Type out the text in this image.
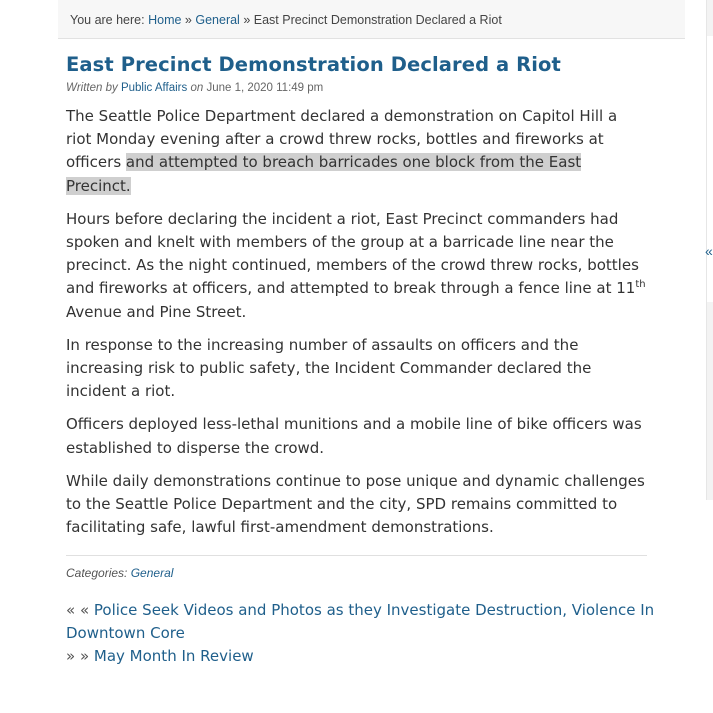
You are here: Home » General » East Precinct Demonstration Declared a Riot
«
East Precinct Demonstration Declared a Riot
Written by Public Affairs on June 1, 2020 11:49 pm

The Seattle Police Department declared a demonstration on Capitol Hill a riot Monday evening after a crowd threw rocks, bottles and fireworks at officers and attempted to breach barricades one block from the East Precinct.

Hours before declaring the incident a riot, East Precinct commanders had spoken and knelt with members of the group at a barricade line near the precinct. As the night continued, members of the crowd threw rocks, bottles and fireworks at officers, and attempted to break through a fence line at 11th Avenue and Pine Street.

In response to the increasing number of assaults on officers and the increasing risk to public safety, the Incident Commander declared the incident a riot.

Officers deployed less-lethal munitions and a mobile line of bike officers was established to disperse the crowd.

While daily demonstrations continue to pose unique and dynamic challenges to the Seattle Police Department and the city, SPD remains committed to facilitating safe, lawful first-amendment demonstrations.

Categories: General
« « Police Seek Videos and Photos as they Investigate Destruction, Violence In Downtown Core
» » May Month In Review
